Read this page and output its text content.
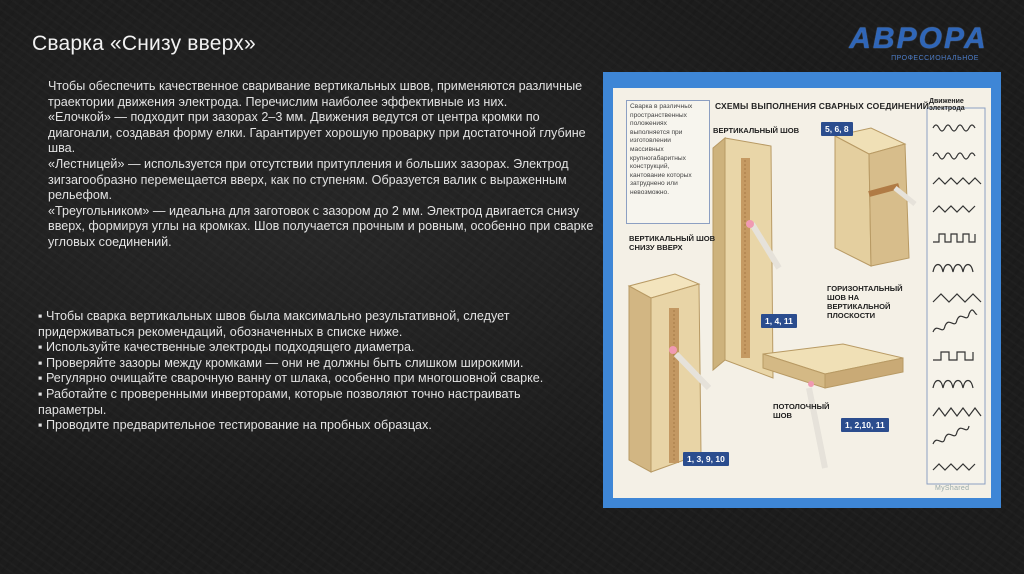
Сварка «Снизу вверх»	АВРОРА
ПРОФЕССИОНАЛЬНОЕ

Чтобы обеспечить качественное сваривание вертикальных швов, применяются различные траектории движения электрода. Перечислим наиболее эффективные из них.

«Елочкой» — подходит при зазорах 2–3 мм. Движения ведутся от центра кромки по диагонали, создавая форму елки. Гарантирует хорошую проварку при достаточной глубине шва.

«Лестницей» — используется при отсутствии притупления и больших зазорах. Электрод зигзагообразно перемещается вверх, как по ступеням. Образуется валик с выраженным рельефом.

«Треугольником» — идеальна для заготовок с зазором до 2 мм. Электрод двигается снизу вверх, формируя углы на кромках. Шов получается прочным и ровным, особенно при сварке угловых соединений.

▪ Чтобы сварка вертикальных швов была максимально результативной, следует придерживаться рекомендаций, обозначенных в списке ниже.

▪ Используйте качественные электроды подходящего диаметра.

▪ Проверяйте зазоры между кромками — они не должны быть слишком широкими.

▪ Регулярно очищайте сварочную ванну от шлака, особенно при многошовной сварке.

▪ Работайте с проверенными инверторами, которые позволяют точно настраивать

параметры.

▪ Проводите предварительное тестирование на пробных образцах.

СХЕМЫ ВЫПОЛНЕНИЯ СВАРНЫХ СОЕДИНЕНИЙ
Сварка в различных пространственных положениях выполняется при изготовлении массивных крупногабаритных конструкций, кантование которых затруднено или невозможно.
Движение электрода
ВЕРТИКАЛЬНЫЙ ШОВ
ВЕРТИКАЛЬНЫЙ ШОВ СНИЗУ ВВЕРХ
ГОРИЗОНТАЛЬНЫЙ ШОВ НА ВЕРТИКАЛЬНОЙ ПЛОСКОСТИ
ПОТОЛОЧНЫЙ ШОВ
5, 6, 8
1, 4, 11
1, 3, 9, 10
1, 2,10, 11
MyShared
